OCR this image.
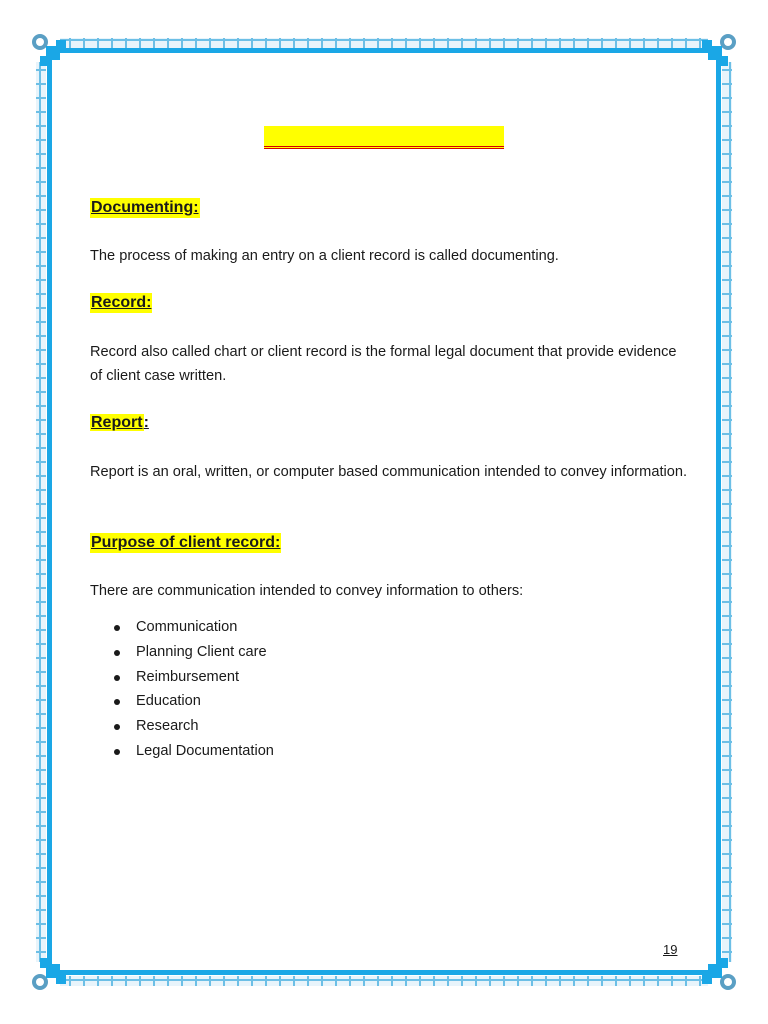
Documenting:

The process of making an entry on a client record is called documenting.

Record:

Record also called chart or client record is the formal legal document that provide evidence of client case written.

Report:

Report is an oral, written, or computer based communication intended to convey information.

Purpose of client record:

There are communication intended to convey information to others:

Communication
Planning Client care
Reimbursement
Education
Research
Legal Documentation
19
